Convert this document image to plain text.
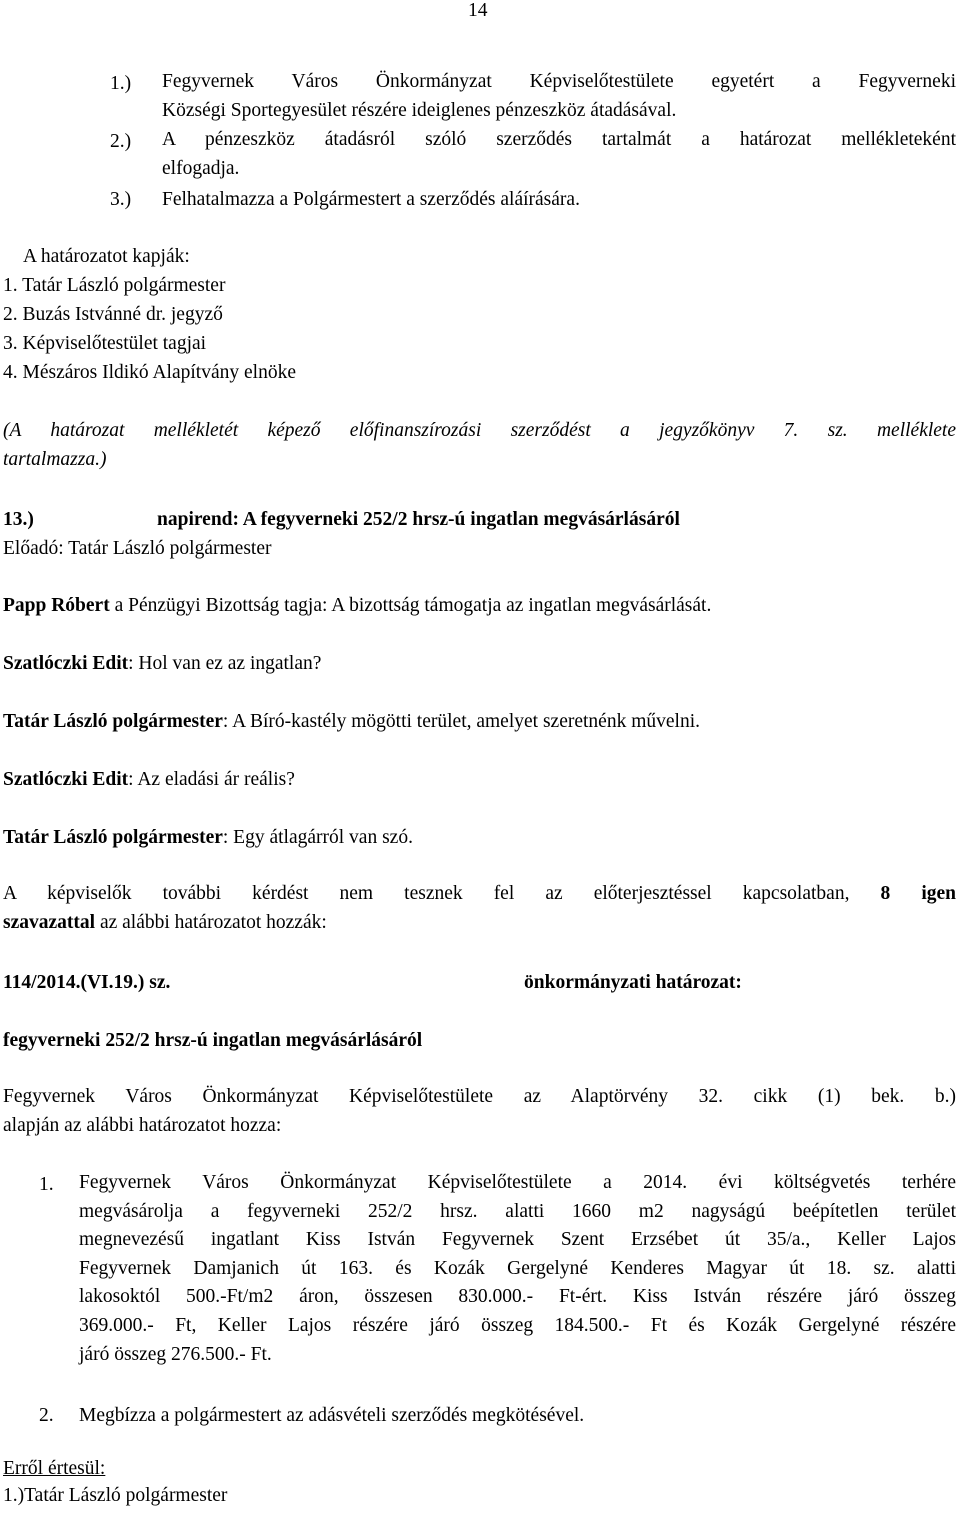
14
1.) Fegyvernek Város Önkormányzat Képviselőtestülete egyetért a Fegyverneki
Községi Sportegyesület részére ideiglenes pénzeszköz átadásával.
2.) A pénzeszköz átadásról szóló szerződés tartalmát a határozat mellékleteként
elfogadja.
3.) Felhatalmazza a Polgármestert a szerződés aláírására.
A határozatot kapják:
1. Tatár László polgármester
2. Buzás Istvánné dr. jegyző
3. Képviselőtestület tagjai
4. Mészáros Ildikó Alapítvány elnöke
(A határozat mellékletét képező előfinanszírozási szerződést a jegyzőkönyv 7. sz. melléklete
tartalmazza.)
13.)	napirend: A fegyverneki 252/2 hrsz-ú ingatlan megvásárlásáról
Előadó: Tatár László polgármester
Papp Róbert a Pénzügyi Bizottság tagja: A bizottság támogatja az ingatlan megvásárlását.
Szatlóczki Edit: Hol van ez az ingatlan?
Tatár László polgármester: A Bíró-kastély mögötti terület, amelyet szeretnénk művelni.
Szatlóczki Edit: Az eladási ár reális?
Tatár László polgármester: Egy átlagárról van szó.
A képviselők további kérdést nem tesznek fel az előterjesztéssel kapcsolatban, 8 igen
szavazattal az alábbi határozatot hozzák:
114/2014.(VI.19.) sz.	önkormányzati határozat:
fegyverneki 252/2 hrsz-ú ingatlan megvásárlásáról
Fegyvernek Város Önkormányzat Képviselőtestülete az Alaptörvény 32. cikk (1) bek. b.)
alapján az alábbi határozatot hozza:
1. Fegyvernek Város Önkormányzat Képviselőtestülete a 2014. évi költségvetés terhére
megvásárolja a fegyverneki 252/2 hrsz. alatti 1660 m2 nagyságú beépítetlen terület
megnevezésű ingatlant Kiss István Fegyvernek Szent Erzsébet út 35/a., Keller Lajos
Fegyvernek Damjanich út 163. és Kozák Gergelyné Kenderes Magyar út 18. sz. alatti
lakosoktól 500.-Ft/m2 áron, összesen 830.000.- Ft-ért. Kiss István részére járó összeg
369.000.- Ft, Keller Lajos részére járó összeg 184.500.- Ft és Kozák Gergelyné részére
járó összeg 276.500.- Ft.
2. Megbízza a polgármestert az adásvételi szerződés megkötésével.
Erről értesül:
1.)Tatár László polgármester
